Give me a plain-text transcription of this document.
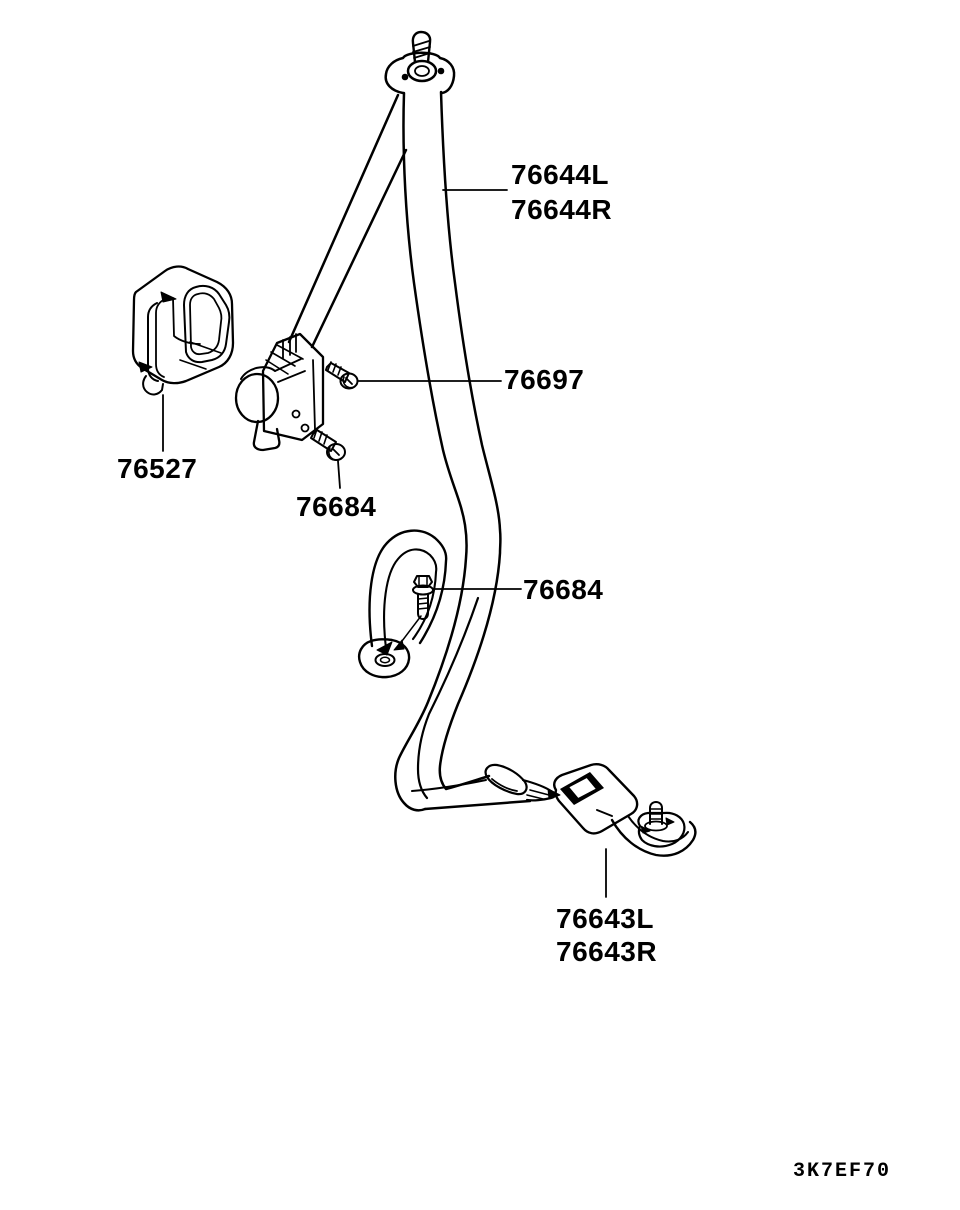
76644L
76644R
76697
76527
76684
76684
76643L
76643R
3K7EF70
